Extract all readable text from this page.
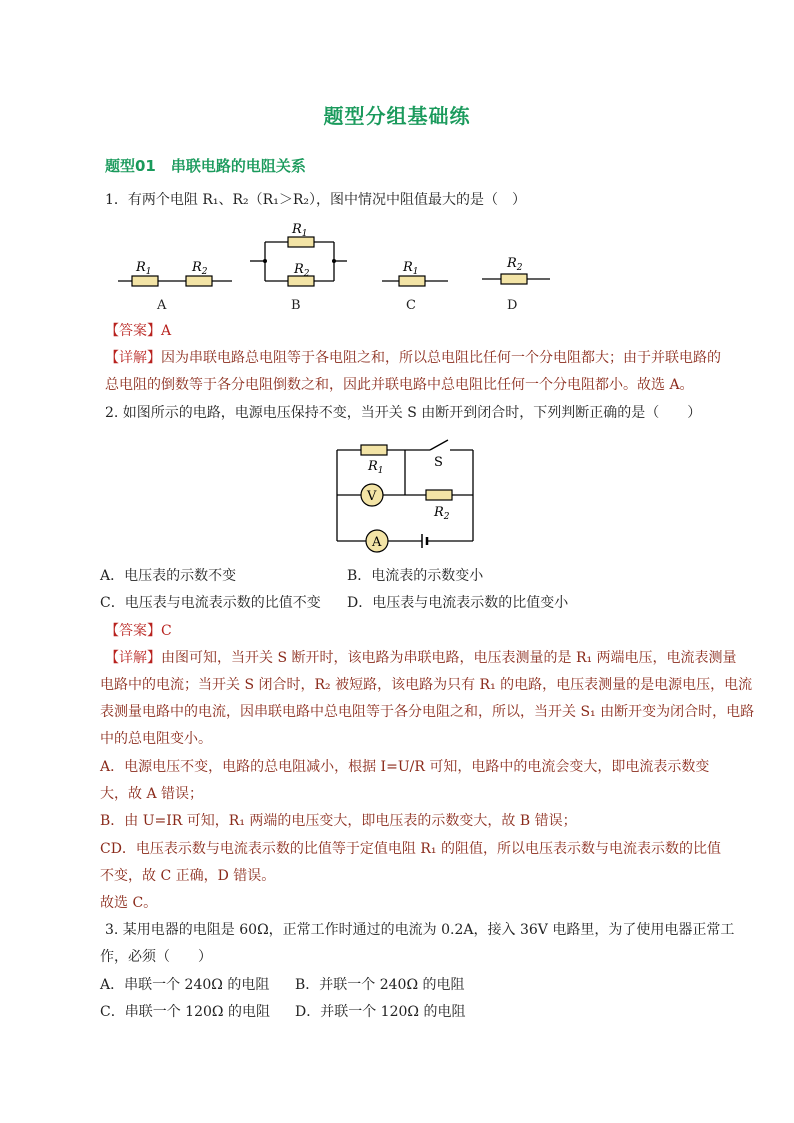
题型分组基础练
题型01　串联电路的电阻关系
1．有两个电阻 R₁、R₂（R₁＞R₂），图中情况中阻值最大的是（　）
$R_1$	$R_2$
$R_1$
$R_2$	$R_1$
$R_2$
A	B	C	D
【答案】A
【详解】因为串联电路总电阻等于各电阻之和，所以总电阻比任何一个分电阻都大；由于并联电路的
总电阻的倒数等于各分电阻倒数之和，因此并联电路中总电阻比任何一个分电阻都小。故选 A。
2. 如图所示的电路，电源电压保持不变，当开关 S 由断开到闭合时，下列判断正确的是（　　）
V
A
$R_1$
$R_2$
S
A．电压表的示数不变	B．电流表的示数变小
C．电压表与电流表示数的比值不变 D．电压表与电流表示数的比值变小
【答案】C
【详解】由图可知，当开关 S 断开时，该电路为串联电路，电压表测量的是 R₁ 两端电压，电流表测量
电路中的电流；当开关 S 闭合时，R₂ 被短路，该电路为只有 R₁ 的电路，电压表测量的是电源电压，电流
表测量电路中的电流，因串联电路中总电阻等于各分电阻之和，所以，当开关 S₁ 由断开变为闭合时，电路
中的总电阻变小。
A．电源电压不变，电路的总电阻减小，根据 I=U/R 可知，电路中的电流会变大，即电流表示数变
大，故 A 错误；
B．由 U=IR 可知，R₁ 两端的电压变大，即电压表的示数变大，故 B 错误；
CD．电压表示数与电流表示数的比值等于定值电阻 R₁ 的阻值，所以电压表示数与电流表示数的比值
不变，故 C 正确，D 错误。
故选 C。
3. 某用电器的电阻是 60Ω，正常工作时通过的电流为 0.2A，接入 36V 电路里，为了使用电器正常工
作，必须（　　）
A．串联一个 240Ω 的电阻 B．并联一个 240Ω 的电阻
C．串联一个 120Ω 的电阻 D．并联一个 120Ω 的电阻
